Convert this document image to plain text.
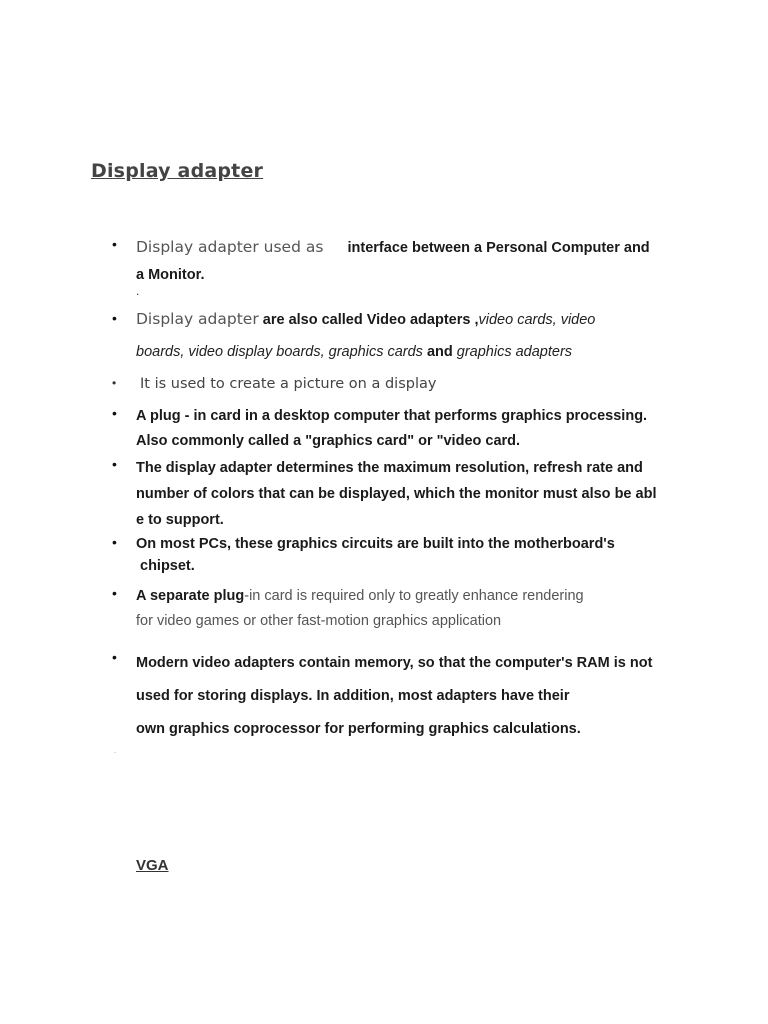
Display adapter
•	Display adapter used as interface between a Personal Computer and
a Monitor.
.
•	Display adapter are also called Video adapters ,video cards, video
boards, video display boards, graphics cards and graphics adapters
•	It is used to create a picture on a display
•	A plug - in card in a desktop computer that performs graphics processing.
Also commonly called a "graphics card" or "video card.
•	The display adapter determines the maximum resolution, refresh rate and
number of colors that can be displayed, which the monitor must also be abl
e to support.
•	On most PCs, these graphics circuits are built into the motherboard's
chipset.
•	A separate plug-in card is required only to greatly enhance rendering
for video games or other fast-motion graphics application
•	Modern video adapters contain memory, so that the computer's RAM is not
used for storing displays. In addition, most adapters have their
own graphics coprocessor for performing graphics calculations.
.
VGA
